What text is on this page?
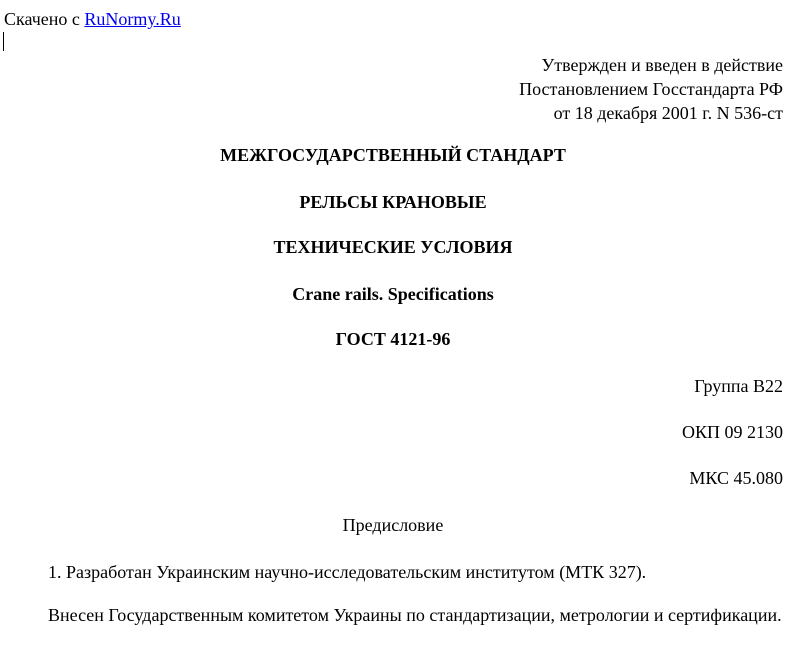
Скачено с RuNormy.Ru
Утвержден и введен в действие
Постановлением Госстандарта РФ
от 18 декабря 2001 г. N 536-ст
МЕЖГОСУДАРСТВЕННЫЙ СТАНДАРТ
РЕЛЬСЫ КРАНОВЫЕ
ТЕХНИЧЕСКИЕ УСЛОВИЯ
Crane rails. Specifications
ГОСТ 4121-96
Группа В22
ОКП 09 2130
МКС 45.080
Предисловие
1. Разработан Украинским научно-исследовательским институтом (МТК 327).
Внесен Государственным комитетом Украины по стандартизации, метрологии и сертификации.
